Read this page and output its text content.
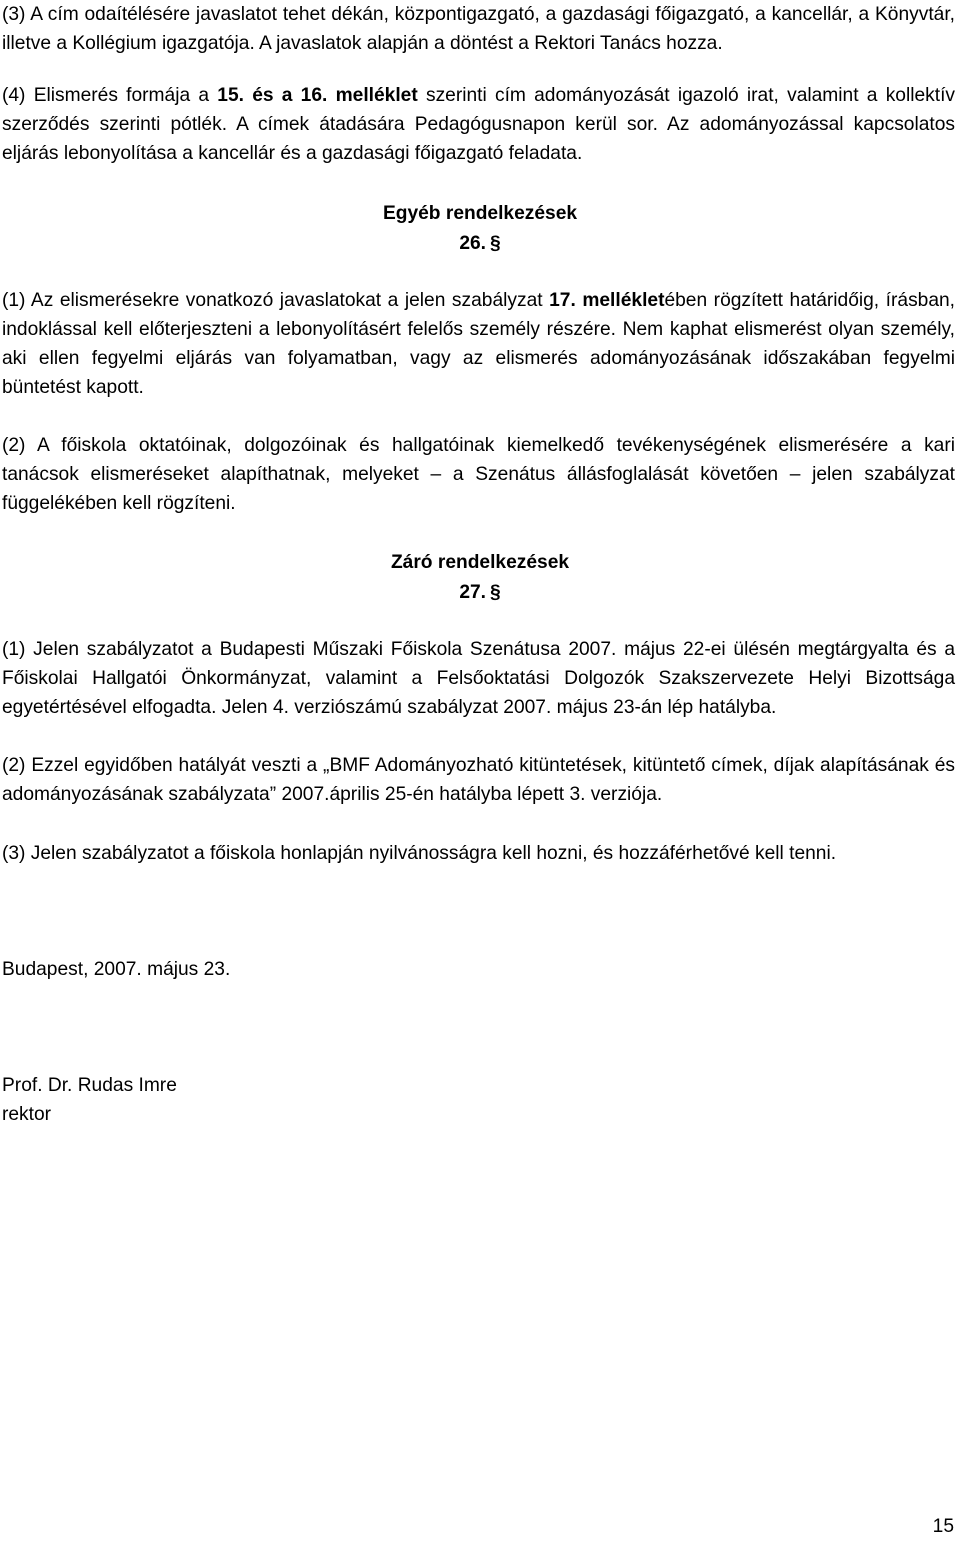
(3) A cím odaítélésére javaslatot tehet dékán, központigazgató, a gazdasági főigazgató, a kancellár, a Könyvtár, illetve a Kollégium igazgatója. A javaslatok alapján a döntést a Rektori Tanács hozza.

(4) Elismerés formája a 15. és a 16. melléklet szerinti cím adományozását igazoló irat, valamint a kollektív szerződés szerinti pótlék. A címek átadására Pedagógusnapon kerül sor. Az adományozással kapcsolatos eljárás lebonyolítása a kancellár és a gazdasági főigazgató feladata.

Egyéb rendelkezések
26. §

(1) Az elismerésekre vonatkozó javaslatokat a jelen szabályzat 17. mellékletében rögzített határidőig, írásban, indoklással kell előterjeszteni a lebonyolításért felelős személy részére. Nem kaphat elismerést olyan személy, aki ellen fegyelmi eljárás van folyamatban, vagy az elismerés adományozásának időszakában fegyelmi büntetést kapott.

(2) A főiskola oktatóinak, dolgozóinak és hallgatóinak kiemelkedő tevékenységének elismerésére a kari tanácsok elismeréseket alapíthatnak, melyeket – a Szenátus állásfoglalását követően – jelen szabályzat függelékében kell rögzíteni.

Záró rendelkezések
27. §

(1) Jelen szabályzatot a Budapesti Műszaki Főiskola Szenátusa 2007. május 22-ei ülésén megtárgyalta és a Főiskolai Hallgatói Önkormányzat, valamint a Felsőoktatási Dolgozók Szakszervezete Helyi Bizottsága egyetértésével elfogadta. Jelen 4. verziószámú szabályzat 2007. május 23-án lép hatályba.

(2) Ezzel egyidőben hatályát veszti a „BMF Adományozható kitüntetések, kitüntető címek, díjak alapításának és adományozásának szabályzata” 2007.április 25-én hatályba lépett 3. verziója.

(3) Jelen szabályzatot a főiskola honlapján nyilvánosságra kell hozni, és hozzáférhetővé kell tenni.

Budapest, 2007. május 23.
Prof. Dr. Rudas Imre
rektor
15
